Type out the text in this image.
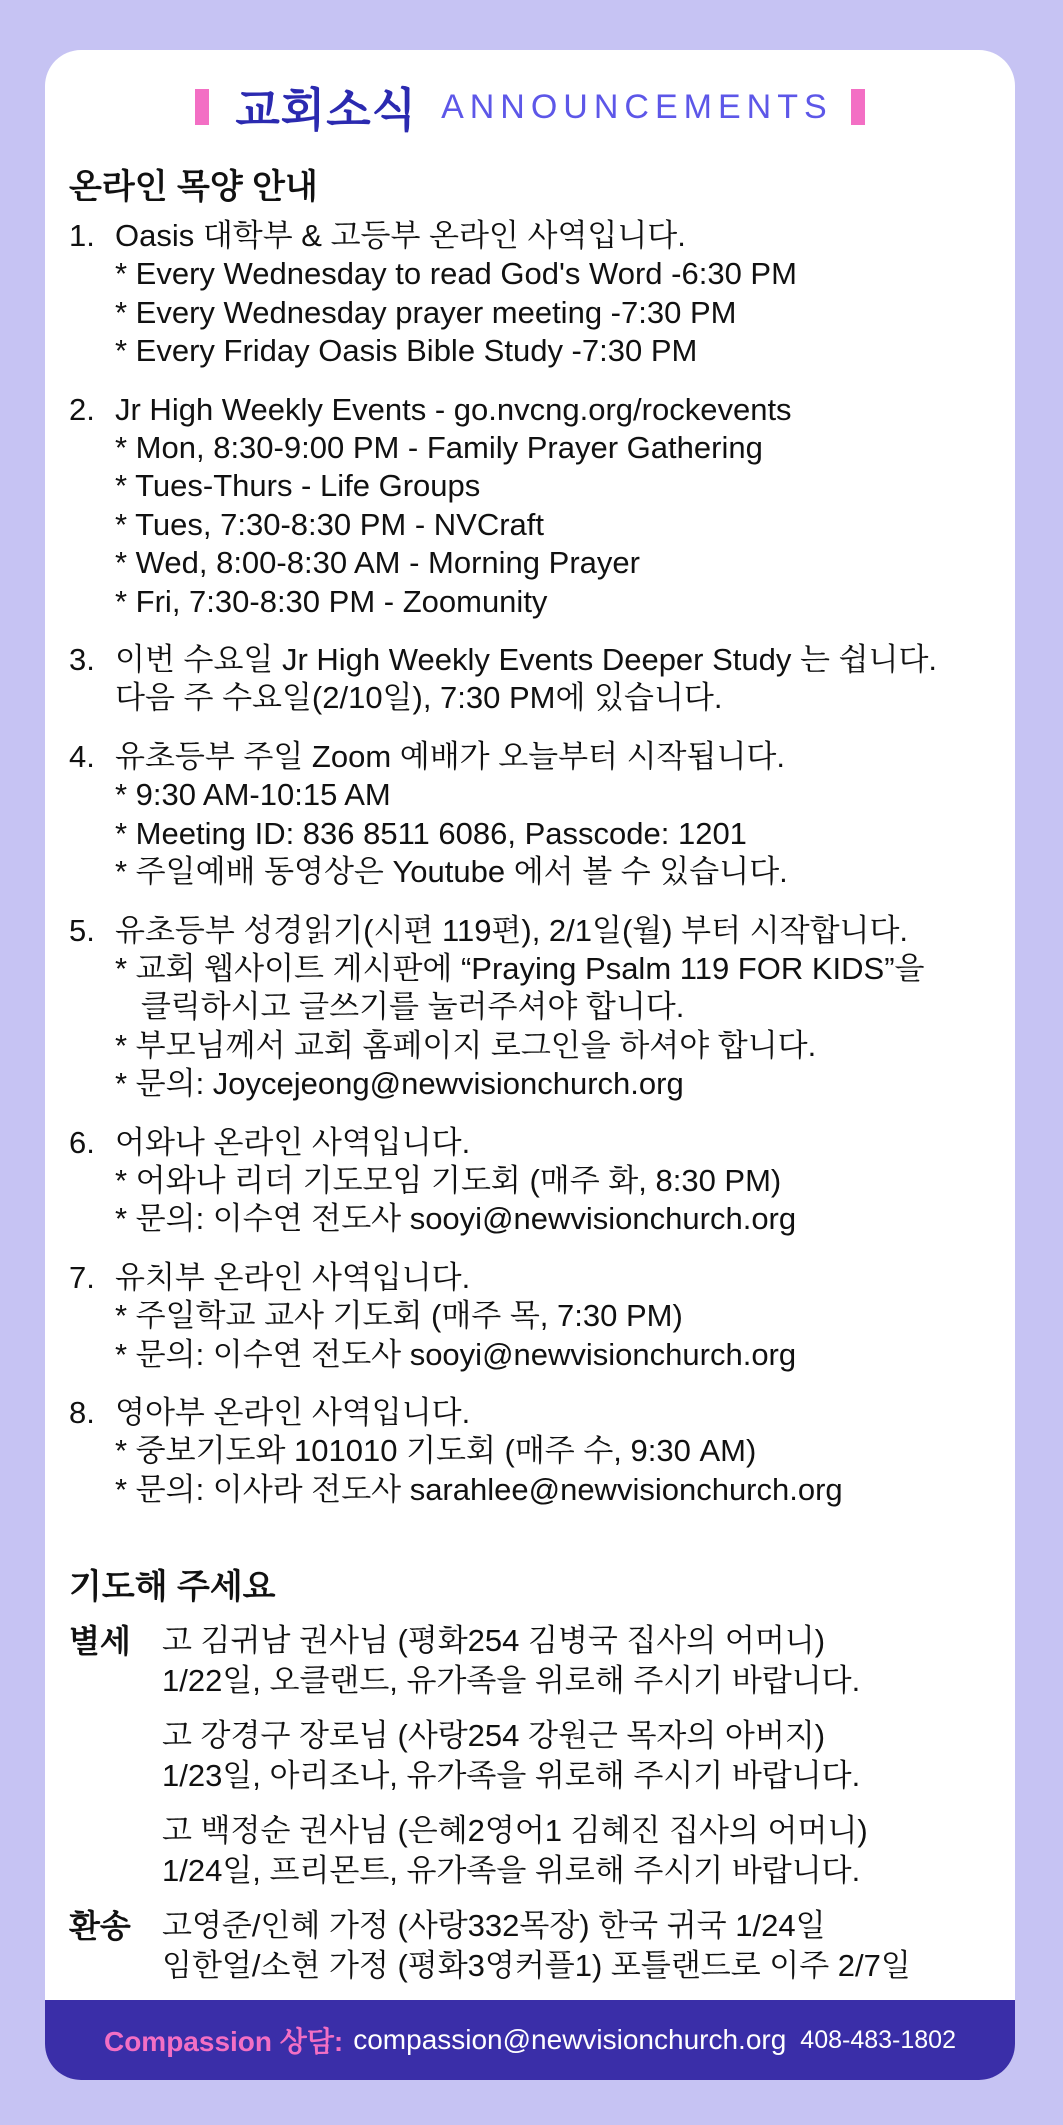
교회소식 ANNOUNCEMENTS
온라인 목양 안내
1. Oasis 대학부 & 고등부 온라인 사역입니다.
* Every Wednesday to read God's Word -6:30 PM
* Every Wednesday prayer meeting -7:30 PM
* Every Friday Oasis Bible Study -7:30 PM
2. Jr High Weekly Events - go.nvcng.org/rockevents
* Mon, 8:30-9:00 PM - Family Prayer Gathering
* Tues-Thurs - Life Groups
* Tues, 7:30-8:30 PM - NVCraft
* Wed, 8:00-8:30 AM - Morning Prayer
* Fri, 7:30-8:30 PM - Zoomunity
3. 이번 수요일 Jr High Weekly Events Deeper Study 는 쉽니다.
다음 주 수요일(2/10일), 7:30 PM에 있습니다.
4. 유초등부 주일 Zoom 예배가 오늘부터 시작됩니다.
* 9:30 AM-10:15 AM
* Meeting ID: 836 8511 6086, Passcode: 1201
* 주일예배 동영상은 Youtube 에서 볼 수 있습니다.
5. 유초등부 성경읽기(시편 119편), 2/1일(월) 부터 시작합니다.
* 교회 웹사이트 게시판에 “Praying Psalm 119 FOR KIDS”을
클릭하시고 글쓰기를 눌러주셔야 합니다.
* 부모님께서 교회 홈페이지 로그인을 하셔야 합니다.
* 문의: Joycejeong@newvisionchurch.org
6. 어와나 온라인 사역입니다.
* 어와나 리더 기도모임 기도회 (매주 화, 8:30 PM)
* 문의: 이수연 전도사 sooyi@newvisionchurch.org
7. 유치부 온라인 사역입니다.
* 주일학교 교사 기도회 (매주 목, 7:30 PM)
* 문의: 이수연 전도사 sooyi@newvisionchurch.org
8. 영아부 온라인 사역입니다.
* 중보기도와 101010 기도회 (매주 수, 9:30 AM)
* 문의: 이사라 전도사 sarahlee@newvisionchurch.org
기도해 주세요
별세	고 김귀남 권사님 (평화254 김병국 집사의 어머니)
1/22일, 오클랜드, 유가족을 위로해 주시기 바랍니다.
고 강경구 장로님 (사랑254 강원근 목자의 아버지)
1/23일, 아리조나, 유가족을 위로해 주시기 바랍니다.
고 백정순 권사님 (은혜2영어1 김혜진 집사의 어머니)
1/24일, 프리몬트, 유가족을 위로해 주시기 바랍니다.
환송	고영준/인혜 가정 (사랑332목장) 한국 귀국 1/24일
임한얼/소현 가정 (평화3영커플1) 포틀랜드로 이주 2/7일
Compassion 상담: compassion@newvisionchurch.org 408-483-1802
